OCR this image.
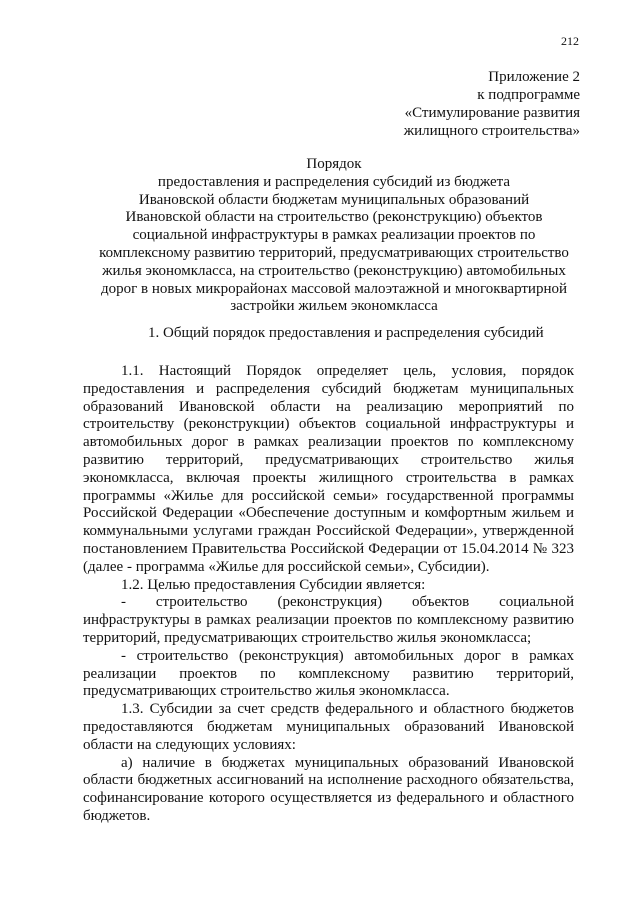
212
Приложение 2
к подпрограмме
«Стимулирование развития
жилищного строительства»
Порядок
предоставления и распределения субсидий из бюджета
Ивановской области бюджетам муниципальных образований
Ивановской области на строительство (реконструкцию) объектов
социальной инфраструктуры в рамках реализации проектов по
комплексному развитию территорий, предусматривающих строительство
жилья экономкласса, на строительство (реконструкцию) автомобильных
дорог в новых микрорайонах массовой малоэтажной и многоквартирной
застройки жильем экономкласса
1. Общий порядок предоставления и распределения субсидий

1.1. Настоящий Порядок определяет цель, условия, порядок предоставления и распределения субсидий бюджетам муниципальных образований Ивановской области на реализацию мероприятий по строительству (реконструкции) объектов социальной инфраструктуры и автомобильных дорог в рамках реализации проектов по комплексному развитию территорий, предусматривающих строительство жилья экономкласса, включая проекты жилищного строительства в рамках программы «Жилье для российской семьи» государственной программы Российской Федерации «Обеспечение доступным и комфортным жильем и коммунальными услугами граждан Российской Федерации», утвержденной постановлением Правительства Российской Федерации от 15.04.2014 № 323 (далее - программа «Жилье для российской семьи», Субсидии).

1.2. Целью предоставления Субсидии является:

- строительство (реконструкция) объектов социальной инфраструктуры в рамках реализации проектов по комплексному развитию территорий, предусматривающих строительство жилья экономкласса;

- строительство (реконструкция) автомобильных дорог в рамках реализации проектов по комплексному развитию территорий, предусматривающих строительство жилья экономкласса.

1.3. Субсидии за счет средств федерального и областного бюджетов предоставляются бюджетам муниципальных образований Ивановской области на следующих условиях:

а) наличие в бюджетах муниципальных образований Ивановской области бюджетных ассигнований на исполнение расходного обязательства, софинансирование которого осуществляется из федерального и областного бюджетов.
